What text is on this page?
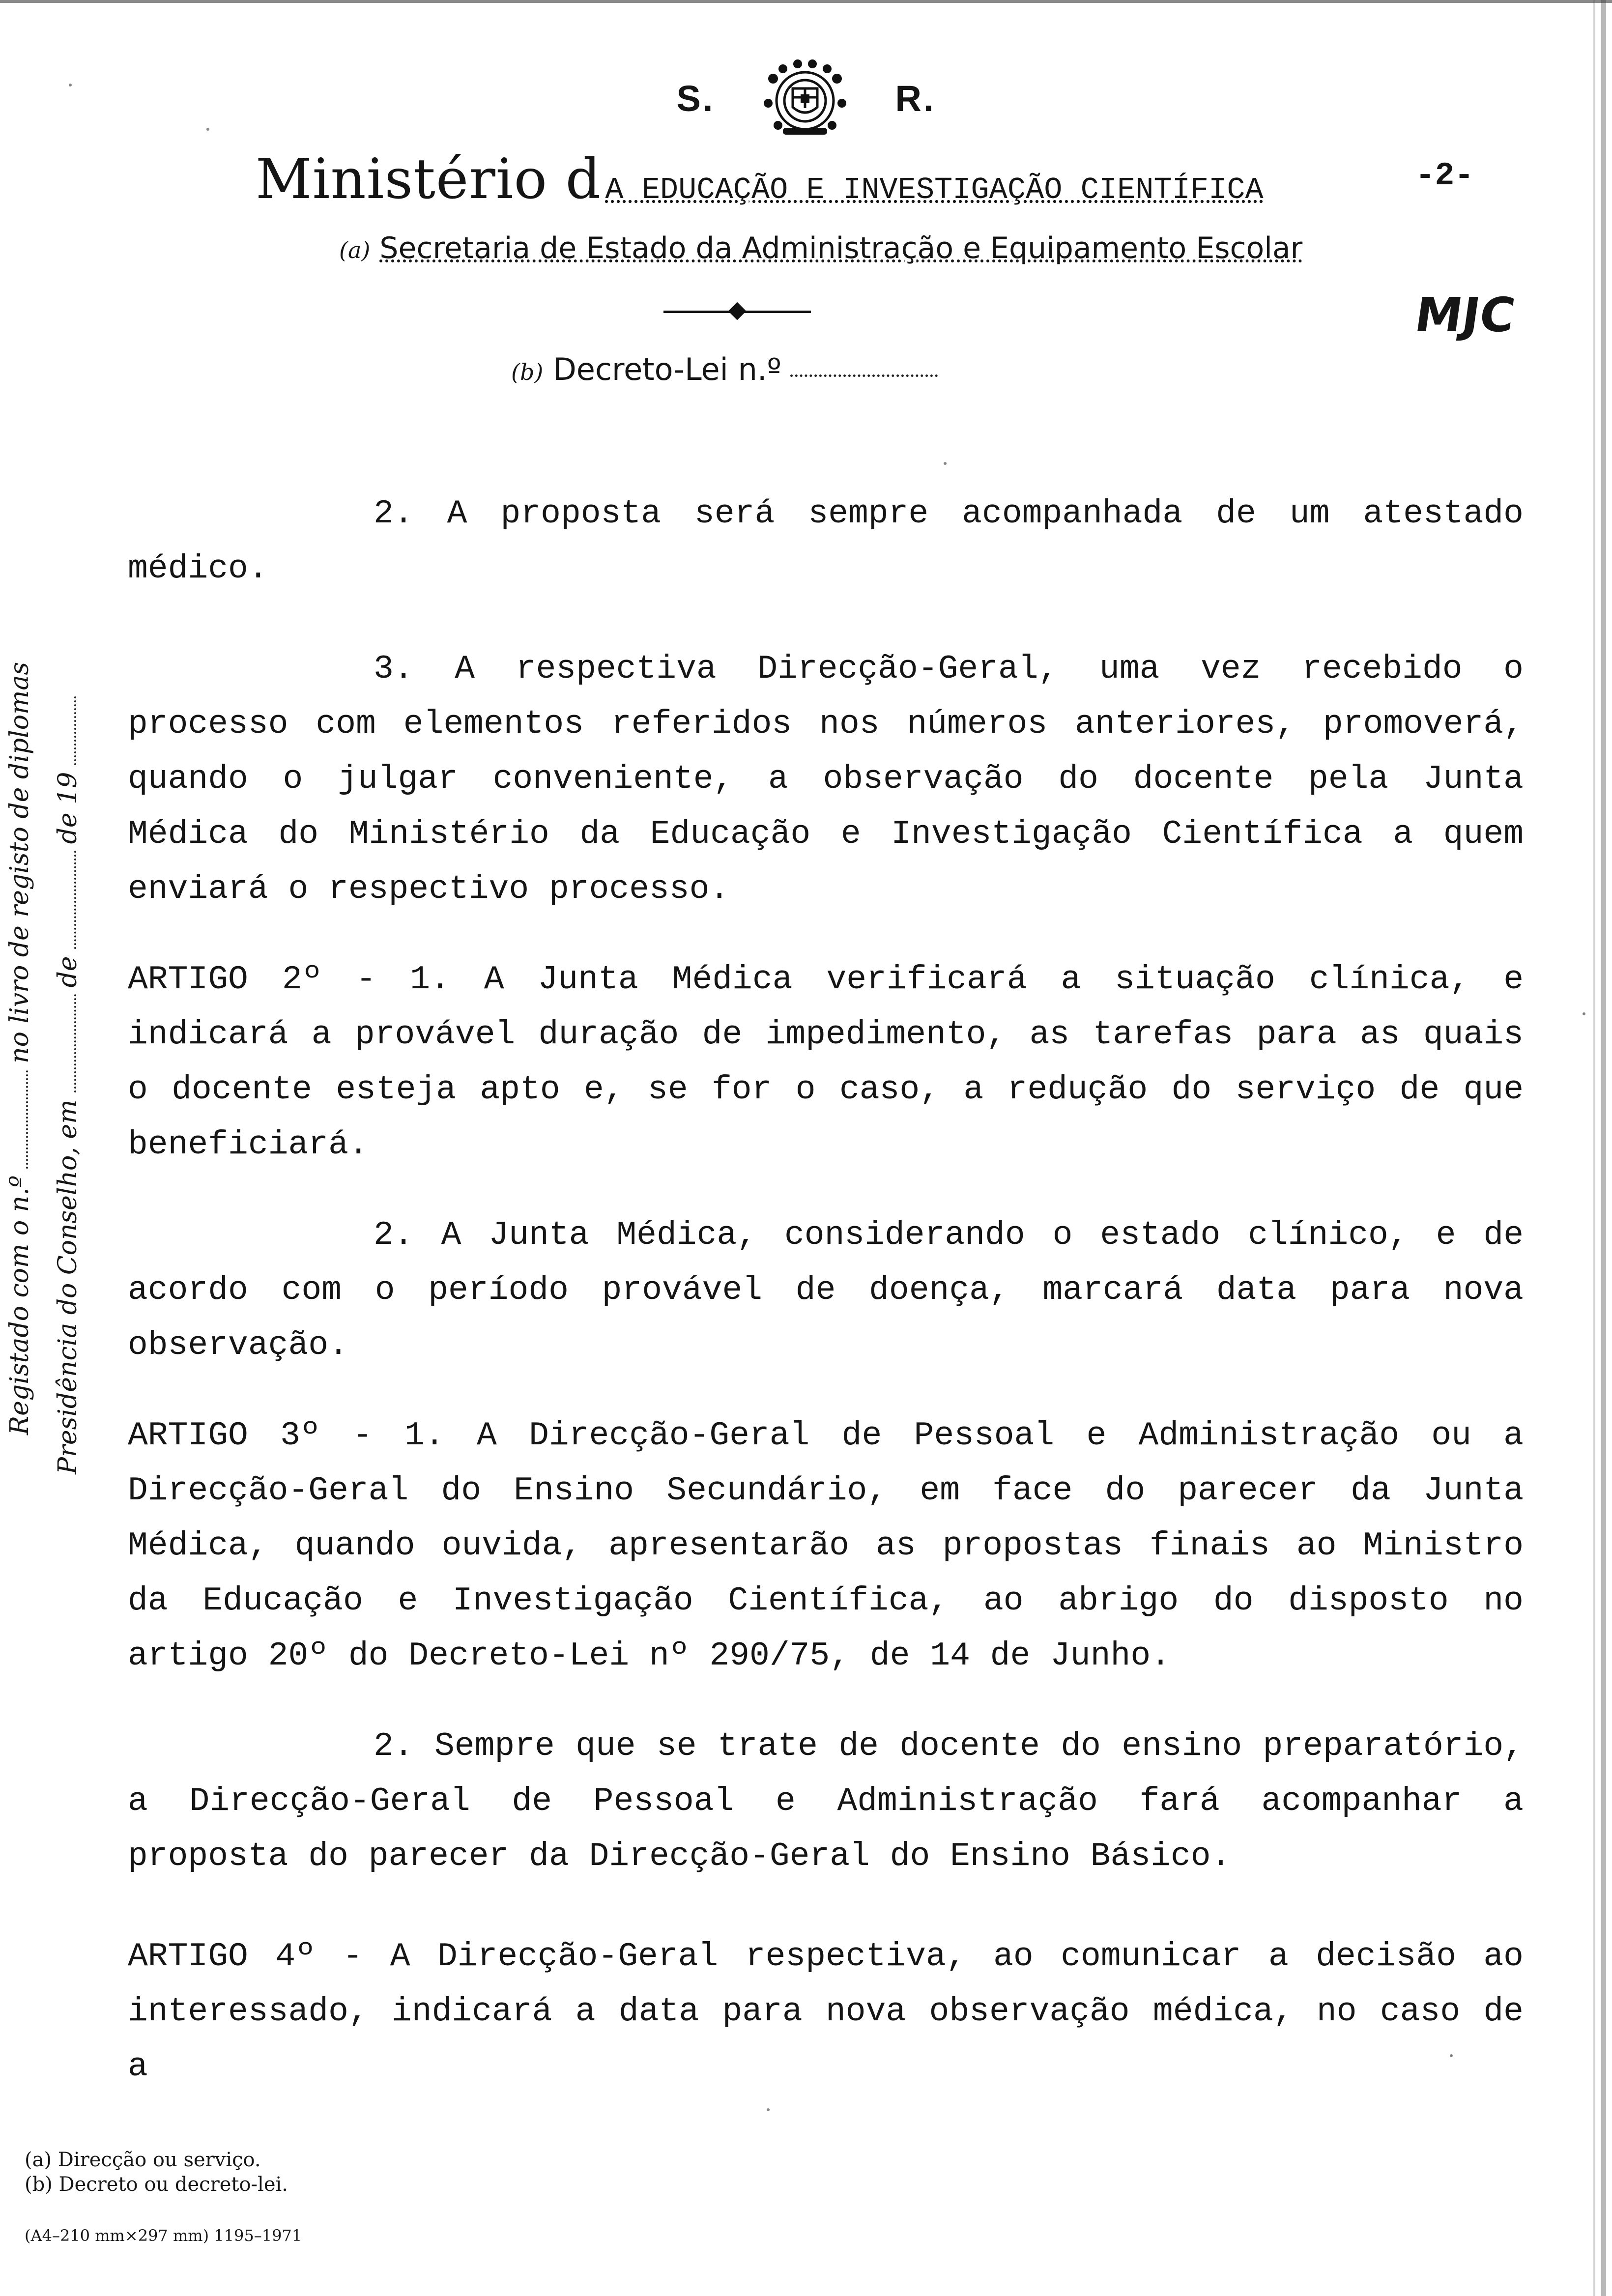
S.	R.
Ministério d A EDUCAÇÃO E INVESTIGAÇÃO CIENTÍFICA	-2-
(a) Secretaria de Estado da Administração e Equipamento Escolar
MJC
(b) Decreto-Lei n.º
Registado com o n.ºno livro de registo de diplomas
Presidência do Conselho, emdede 19

2. A proposta será sempre acompanhada de um atestado médico.

3. A respectiva Direcção-Geral, uma vez recebido o processo com elementos referidos nos números anteriores, promoverá, quando o julgar conveniente, a observação do docente pela Junta Médica do Ministério da Educação e Investigação Científica a quem enviará o respectivo processo.

ARTIGO 2º - 1. A Junta Médica verificará a situação clínica, e indicará a provável duração de impedimento, as tarefas para as quais o docente esteja apto e, se for o caso, a redução do serviço de que beneficiará.

2. A Junta Médica, considerando o estado clínico, e de acordo com o período provável de doença, marcará data para nova observação.

ARTIGO 3º - 1. A Direcção-Geral de Pessoal e Administração ou a Direcção-Geral do Ensino Secundário, em face do parecer da Junta Médica, quando ouvida, apresentarão as propostas finais ao Ministro da Educação e Investigação Científica, ao abrigo do disposto no artigo 20º do Decreto-Lei nº 290/75, de 14 de Junho.

2. Sempre que se trate de docente do ensino preparatório, a Direcção-Geral de Pessoal e Administração fará acompanhar a proposta do parecer da Direcção-Geral do Ensino Básico.

ARTIGO 4º - A Direcção-Geral respectiva, ao comunicar a decisão ao interessado, indicará a data para nova observação médica, no caso de a

(a) Direcção ou serviço.

(b) Decreto ou decreto-lei.

(A4–210 mm×297 mm) 1195–1971
